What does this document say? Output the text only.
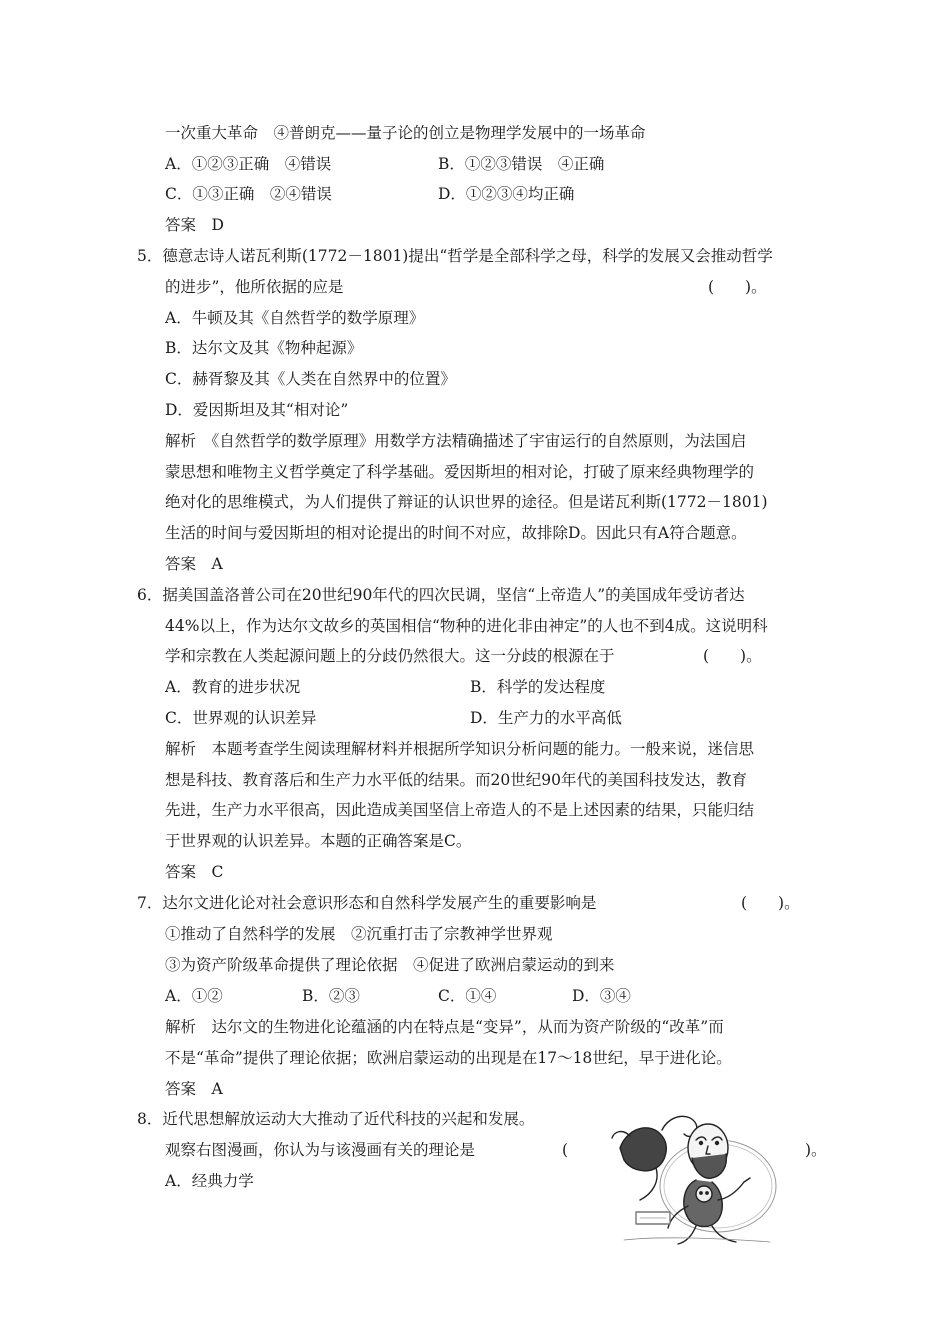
一次重大革命　④普朗克——量子论的创立是物理学发展中的一场革命
A．①②③正确　④错误	B．①②③错误　④正确
C．①③正确　②④错误	D．①②③④均正确
答案　D
5．德意志诗人诺瓦利斯(1772－1801)提出“哲学是全部科学之母，科学的发展又会推动哲学
的进步”，他所依据的应是	(　　)。
A．牛顿及其《自然哲学的数学原理》
B．达尔文及其《物种起源》
C．赫胥黎及其《人类在自然界中的位置》
D．爱因斯坦及其“相对论”
解析　《自然哲学的数学原理》用数学方法精确描述了宇宙运行的自然原则，为法国启
蒙思想和唯物主义哲学奠定了科学基础。爱因斯坦的相对论，打破了原来经典物理学的
绝对化的思维模式，为人们提供了辩证的认识世界的途径。但是诺瓦利斯(1772－1801)
生活的时间与爱因斯坦的相对论提出的时间不对应，故排除D。因此只有A符合题意。
答案　A
6．据美国盖洛普公司在20世纪90年代的四次民调，坚信“上帝造人”的美国成年受访者达
44%以上，作为达尔文故乡的英国相信“物种的进化非由神定”的人也不到4成。这说明科
学和宗教在人类起源问题上的分歧仍然很大。这一分歧的根源在于	(　　)。
A．教育的进步状况	B．科学的发达程度
C．世界观的认识差异	D．生产力的水平高低
解析　本题考查学生阅读理解材料并根据所学知识分析问题的能力。一般来说，迷信思
想是科技、教育落后和生产力水平低的结果。而20世纪90年代的美国科技发达，教育
先进，生产力水平很高，因此造成美国坚信上帝造人的不是上述因素的结果，只能归结
于世界观的认识差异。本题的正确答案是C。
答案　C
7．达尔文进化论对社会意识形态和自然科学发展产生的重要影响是	(　　)。
①推动了自然科学的发展　②沉重打击了宗教神学世界观
③为资产阶级革命提供了理论依据　④促进了欧洲启蒙运动的到来
A．①②	B．②③	C．①④	D．③④
解析　达尔文的生物进化论蕴涵的内在特点是“变异”，从而为资产阶级的“改革”而
不是“革命”提供了理论依据；欧洲启蒙运动的出现是在17～18世纪，早于进化论。
答案　A
8．近代思想解放运动大大推动了近代科技的兴起和发展。
观察右图漫画，你认为与该漫画有关的理论是	(	)。
A．经典力学
